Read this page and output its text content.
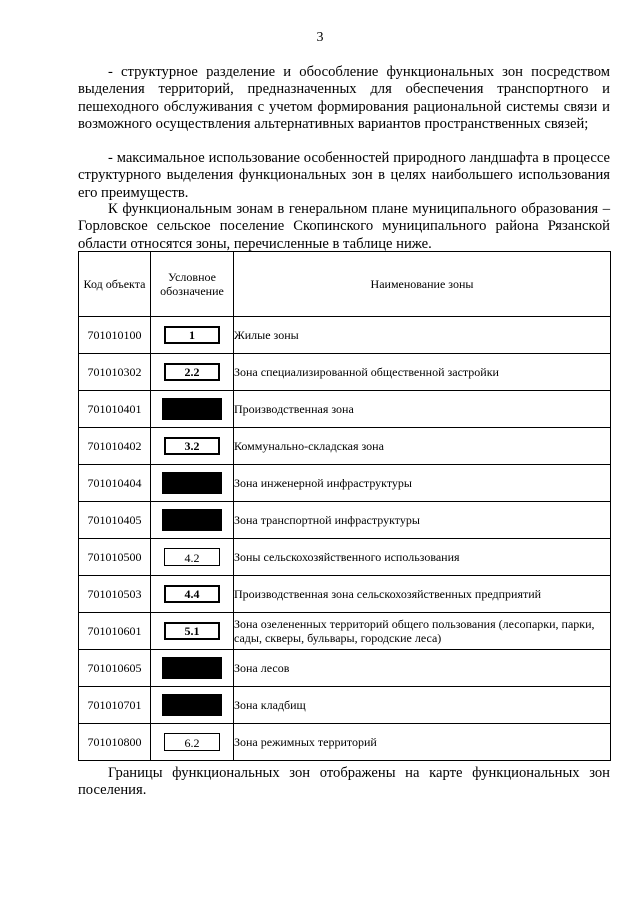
3

- структурное разделение и обособление функциональных зон посредством выделения территорий, предназначенных для обеспечения транспортного и пешеходного обслуживания с учетом формирования рациональной системы связи и возможного осуществления альтернативных вариантов пространственных связей;

- максимальное использование особенностей природного ландшафта в процессе структурного выделения функциональных зон в целях наибольшего использования его преимуществ.

К функциональным зонам в генеральном плане муниципального образования – Горловское сельское поселение Скопинского муниципального района Рязанской области относятся зоны, перечисленные в таблице ниже.

Код объекта	Условное обозначение	Наименование зоны
701010100	1	Жилые зоны
701010302	2.2	Зона специализированной общественной застройки
701010401		Производственная зона
701010402	3.2	Коммунально-складская зона
701010404		Зона инженерной инфраструктуры
701010405		Зона транспортной инфраструктуры
701010500	4.2	Зоны сельскохозяйственного использования
701010503	4.4	Производственная зона сельскохозяйственных предприятий
701010601	5.1	Зона озелененных территорий общего пользования (лесопарки, парки, сады, скверы, бульвары, городские леса)
701010605		Зона лесов
701010701		Зона кладбищ
701010800	6.2	Зона режимных территорий

Границы функциональных зон отображены на карте функциональных зон поселения.
